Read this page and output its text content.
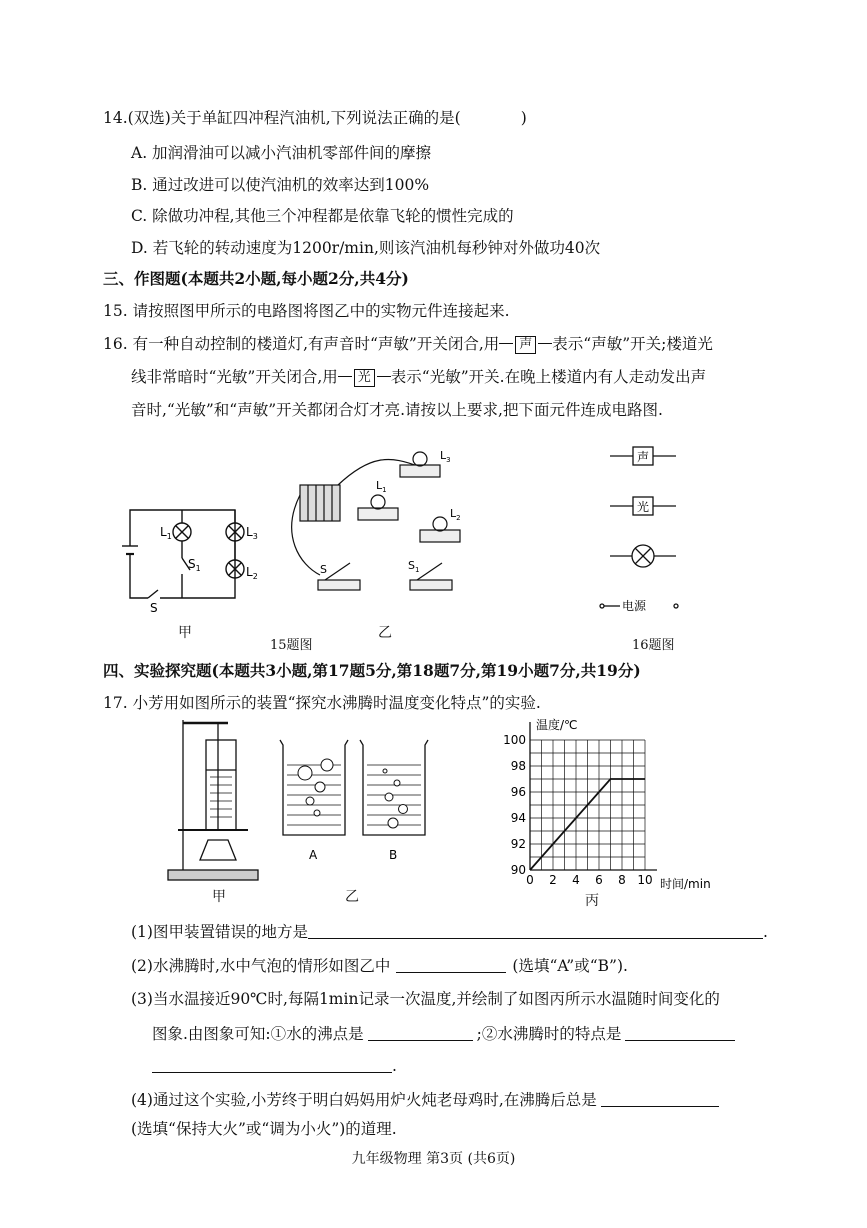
14.(双选)关于单缸四冲程汽油机,下列说法正确的是(	)
A. 加润滑油可以减小汽油机零部件间的摩擦
B. 通过改进可以使汽油机的效率达到100%
C. 除做功冲程,其他三个冲程都是依靠飞轮的惯性完成的
D. 若飞轮的转动速度为1200r/min,则该汽油机每秒钟对外做功40次
三、作图题(本题共2小题,每小题2分,共4分)
15. 请按照图甲所示的电路图将图乙中的实物元件连接起来.
16. 有一种自动控制的楼道灯,有声音时“声敏”开关闭合,用 声 表示“声敏”开关;楼道光
线非常暗时“光敏”开关闭合,用 光 表示“光敏”开关.在晚上楼道内有人走动发出声
音时,“光敏”和“声敏”开关都闭合灯才亮.请按以上要求,把下面元件连成电路图.
$L_1$
$S_1$
$L_3$
$L_2$
S
甲
$L_3$
$L_1$
$L_2$
S	$S_1$
乙
15题图
声
光
电源
16题图
四、实验探究题(本题共3小题,第17题5分,第18题7分,第19小题7分,共19分)
17. 小芳用如图所示的装置“探究水沸腾时温度变化特点”的实验.
甲
A	B
乙
0 2 4 6 8 10
90
92
94
96
98
100
温度/℃
时间/min
丙
(1)图甲装置错误的地方是	.
(2)水沸腾时,水中气泡的情形如图乙中	(选填“A”或“B”).
(3)当水温接近90℃时,每隔1min记录一次温度,并绘制了如图丙所示水温随时间变化的
图象.由图象可知:①水的沸点是	;②水沸腾时的特点是
.
(4)通过这个实验,小芳终于明白妈妈用炉火炖老母鸡时,在沸腾后总是
(选填“保持大火”或“调为小火”)的道理.
九年级物理 第3页 (共6页)
